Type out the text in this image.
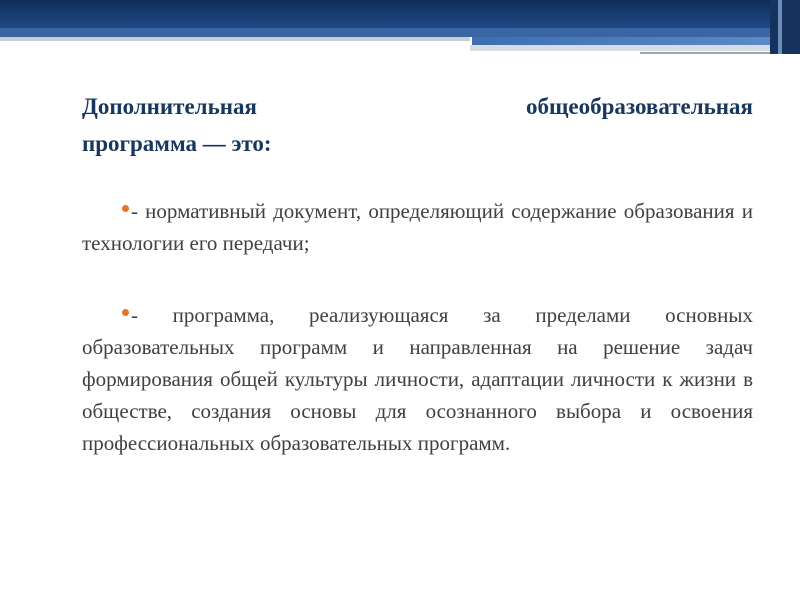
Дополнительная	общеобразовательная
программа — это:

- нормативный документ, определяющий содержание образования и технологии его передачи;

- программа, реализующаяся за пределами основных образовательных программ и направленная на решение задач формирования общей культуры личности, адаптации личности к жизни в обществе, создания основы для осознанного выбора и освоения профессиональных образовательных программ.
